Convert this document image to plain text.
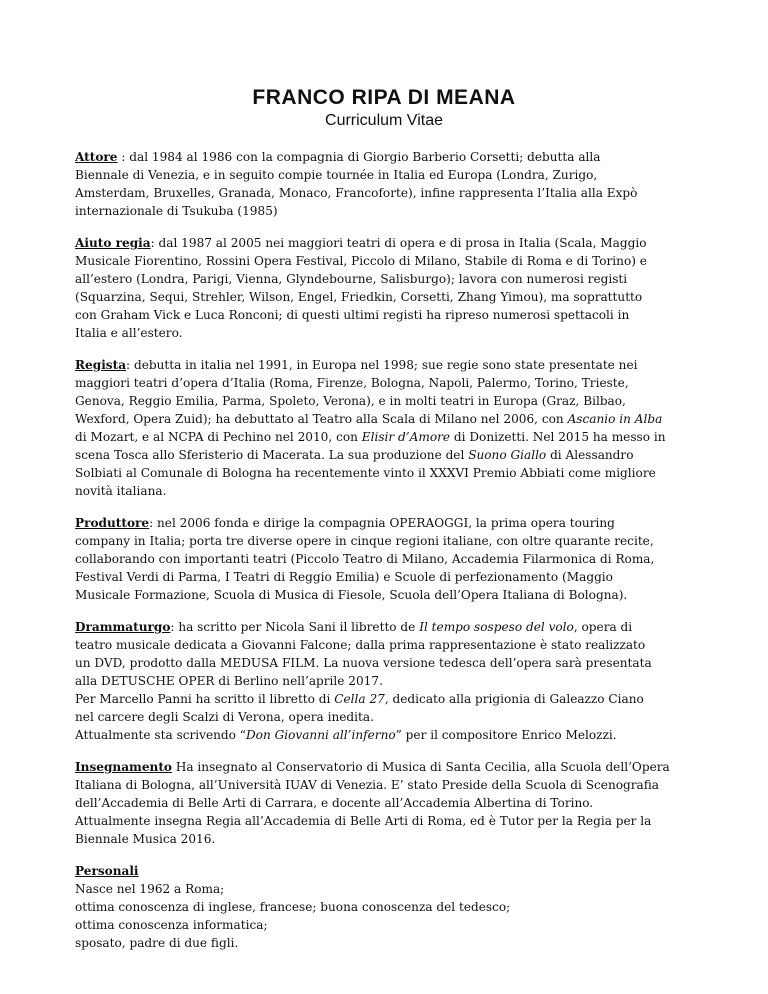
FRANCO RIPA DI MEANA

Curriculum Vitae

Attore : dal 1984 al 1986 con la compagnia di Giorgio Barberio Corsetti; debutta alla
Biennale di Venezia, e in seguito compie tournée in Italia ed Europa (Londra, Zurigo,
Amsterdam, Bruxelles, Granada, Monaco, Francoforte), infine rappresenta l’Italia alla Expò
internazionale di Tsukuba (1985)
Aiuto regia: dal 1987 al 2005 nei maggiori teatri di opera e di prosa in Italia (Scala, Maggio
Musicale Fiorentino, Rossini Opera Festival, Piccolo di Milano, Stabile di Roma e di Torino) e
all’estero (Londra, Parigi, Vienna, Glyndebourne, Salisburgo); lavora con numerosi registi
(Squarzina, Sequi, Strehler, Wilson, Engel, Friedkin, Corsetti, Zhang Yimou), ma soprattutto
con Graham Vick e Luca Ronconi; di questi ultimi registi ha ripreso numerosi spettacoli in
Italia e all’estero.
Regista: debutta in italia nel 1991, in Europa nel 1998; sue regie sono state presentate nei
maggiori teatri d’opera d’Italia (Roma, Firenze, Bologna, Napoli, Palermo, Torino, Trieste,
Genova, Reggio Emilia, Parma, Spoleto, Verona), e in molti teatri in Europa (Graz, Bilbao,
Wexford, Opera Zuid); ha debuttato al Teatro alla Scala di Milano nel 2006, con Ascanio in Alba
di Mozart, e al NCPA di Pechino nel 2010, con Elisir d’Amore di Donizetti. Nel 2015 ha messo in
scena Tosca allo Sferisterio di Macerata. La sua produzione del Suono Giallo di Alessandro
Solbiati al Comunale di Bologna ha recentemente vinto il XXXVI Premio Abbiati come migliore
novità italiana.
Produttore: nel 2006 fonda e dirige la compagnia OPERAOGGI, la prima opera touring
company in Italia; porta tre diverse opere in cinque regioni italiane, con oltre quarante recite,
collaborando con importanti teatri (Piccolo Teatro di Milano, Accademia Filarmonica di Roma,
Festival Verdi di Parma, I Teatri di Reggio Emilia) e Scuole di perfezionamento (Maggio
Musicale Formazione, Scuola di Musica di Fiesole, Scuola dell’Opera Italiana di Bologna).
Drammaturgo: ha scritto per Nicola Sani il libretto de Il tempo sospeso del volo, opera di
teatro musicale dedicata a Giovanni Falcone; dalla prima rappresentazione è stato realizzato
un DVD, prodotto dalla MEDUSA FILM. La nuova versione tedesca dell’opera sarà presentata
alla DETUSCHE OPER di Berlino nell’aprile 2017.
Per Marcello Panni ha scritto il libretto di Cella 27, dedicato alla prigionia di Galeazzo Ciano
nel carcere degli Scalzi di Verona, opera inedita.
Attualmente sta scrivendo “Don Giovanni all’inferno” per il compositore Enrico Melozzi.
Insegnamento Ha insegnato al Conservatorio di Musica di Santa Cecilia, alla Scuola dell’Opera
Italiana di Bologna, all’Università IUAV di Venezia. E’ stato Preside della Scuola di Scenografia
dell’Accademia di Belle Arti di Carrara, e docente all’Accademia Albertina di Torino.
Attualmente insegna Regia all’Accademia di Belle Arti di Roma, ed è Tutor per la Regia per la
Biennale Musica 2016.
Personali
Nasce nel 1962 a Roma;
ottima conoscenza di inglese, francese; buona conoscenza del tedesco;
ottima conoscenza informatica;
sposato, padre di due figli.
